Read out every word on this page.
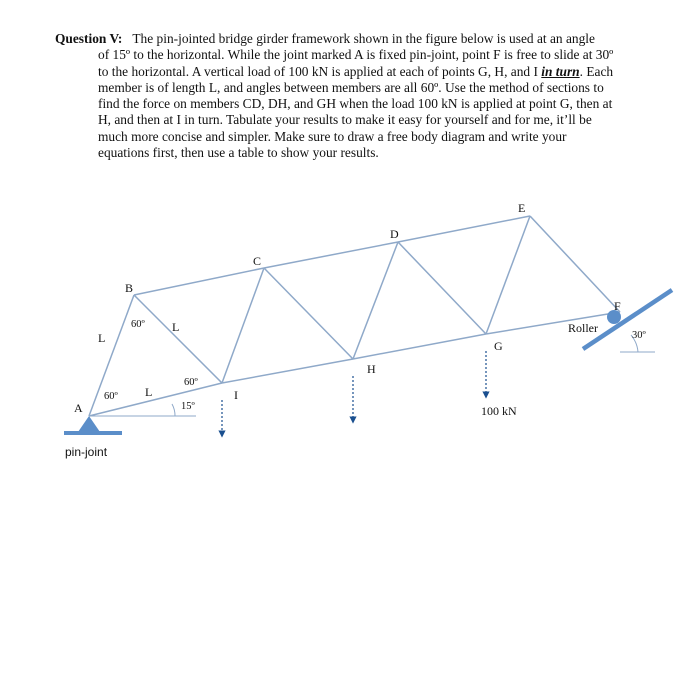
Question V: The pin-jointed bridge girder framework shown in the figure below is used at an angle
of 15º to the horizontal. While the joint marked A is fixed pin-joint, point F is free to slide at 30º
to the horizontal. A vertical load of 100 kN is applied at each of points G, H, and I in turn. Each
member is of length L, and angles between members are all 60º. Use the method of sections to
find the force on members CD, DH, and GH when the load 100 kN is applied at point G, then at
H, and then at I in turn. Tabulate your results to make it easy for yourself and for me, it’ll be
much more concise and simpler. Make sure to draw a free body diagram and write your
equations first, then use a table to show your results.
A
B
C
D
E
F
G
H
I
L
L
L
60º
60º
60º
15º
30º
pin-joint
Roller
100 kN
